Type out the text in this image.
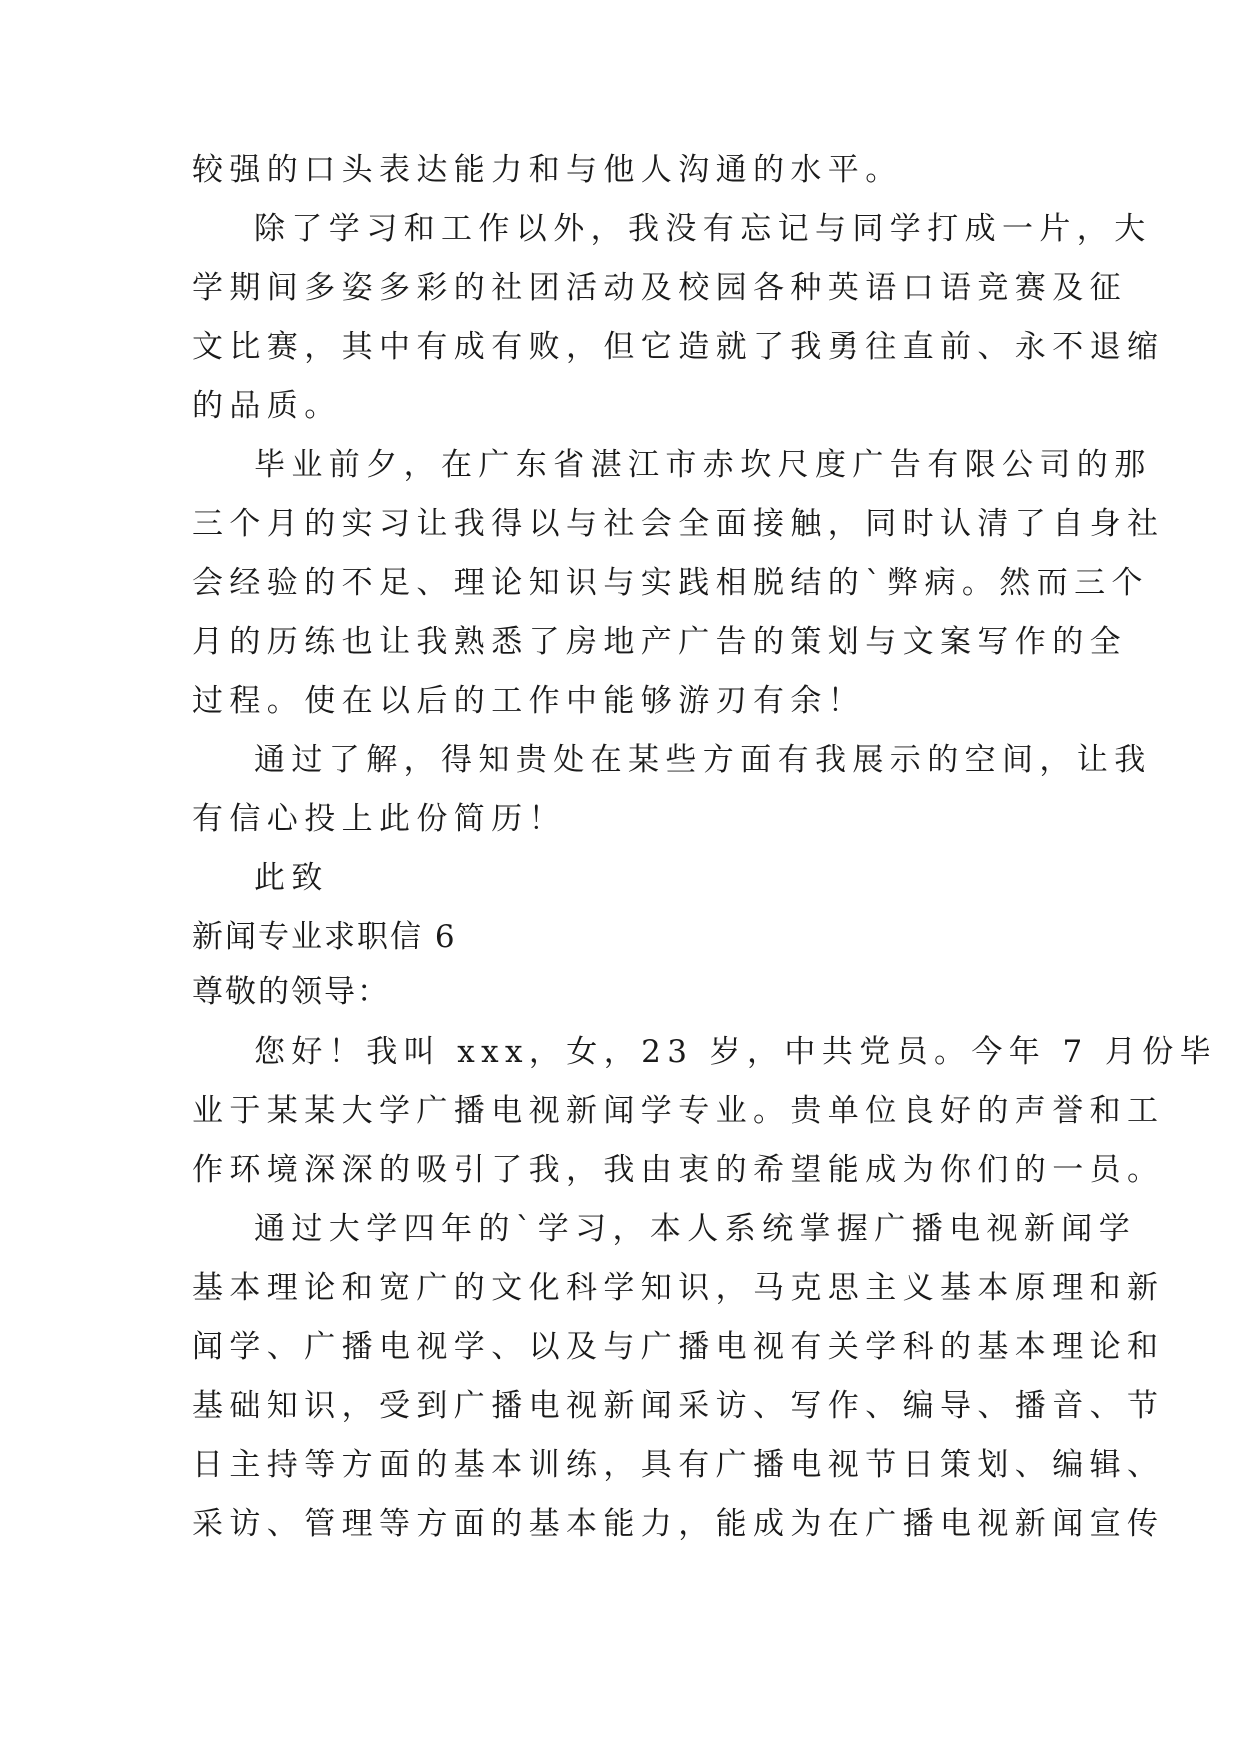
较强的口头表达能力和与他人沟通的水平。
除了学习和工作以外，我没有忘记与同学打成一片，大
学期间多姿多彩的社团活动及校园各种英语口语竞赛及征
文比赛，其中有成有败，但它造就了我勇往直前、永不退缩
的品质。
毕业前夕，在广东省湛江市赤坎尺度广告有限公司的那
三个月的实习让我得以与社会全面接触，同时认清了自身社
会经验的不足、理论知识与实践相脱结的`弊病。然而三个
月的历练也让我熟悉了房地产广告的策划与文案写作的全
过程。使在以后的工作中能够游刃有余！
通过了解，得知贵处在某些方面有我展示的空间，让我
有信心投上此份简历！
此致
新闻专业求职信 6
尊敬的领导：
您好！我叫 xxx，女，23 岁，中共党员。今年 7 月份毕
业于某某大学广播电视新闻学专业。贵单位良好的声誉和工
作环境深深的吸引了我，我由衷的希望能成为你们的一员。
通过大学四年的`学习，本人系统掌握广播电视新闻学
基本理论和宽广的文化科学知识，马克思主义基本原理和新
闻学、广播电视学、以及与广播电视有关学科的基本理论和
基础知识，受到广播电视新闻采访、写作、编导、播音、节
日主持等方面的基本训练，具有广播电视节日策划、编辑、
采访、管理等方面的基本能力，能成为在广播电视新闻宣传
